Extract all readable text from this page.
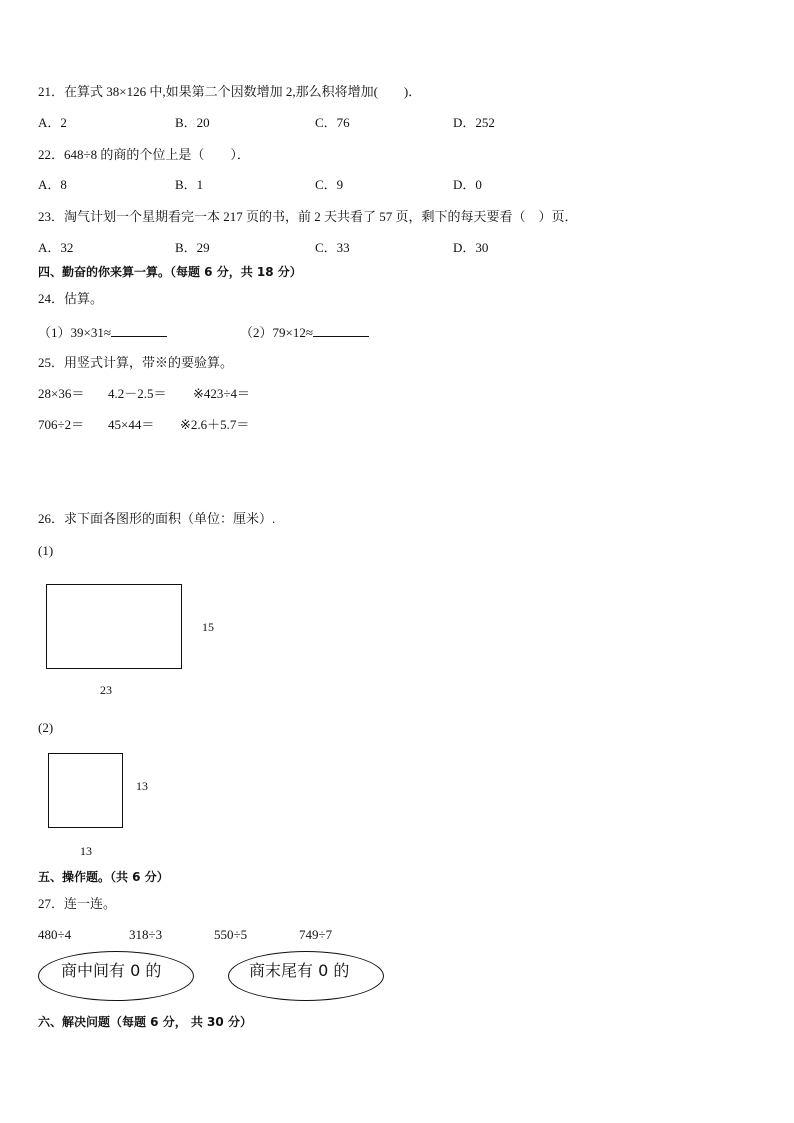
21．在算式 38×126 中,如果第二个因数增加 2,那么积将增加(　　)．
A．2	B．20	C．76	D．252
22．648÷8 的商的个位上是（　　）．
A．8	B．1	C．9	D．0
23．淘气计划一个星期看完一本 217 页的书，前 2 天共看了 57 页，剩下的每天要看（　）页．
A．32	B．29	C．33	D．30
四、勤奋的你来算一算。（每题 6 分，共 18 分）
24．估算。
（1）39×31≈	（2）79×12≈
25．用竖式计算，带※的要验算。
28×36＝ 4.2－2.5＝ ※423÷4＝
706÷2＝ 45×44＝ ※2.6＋5.7＝
26．求下面各图形的面积（单位：厘米）.
(1)
15
23
(2)
13
13
五、操作题。（共 6 分）
27．连一连。
480÷4	318÷3	550÷5	749÷7
商中间有 0 的	商末尾有 0 的
六、解决问题（每题 6 分， 共 30 分）
